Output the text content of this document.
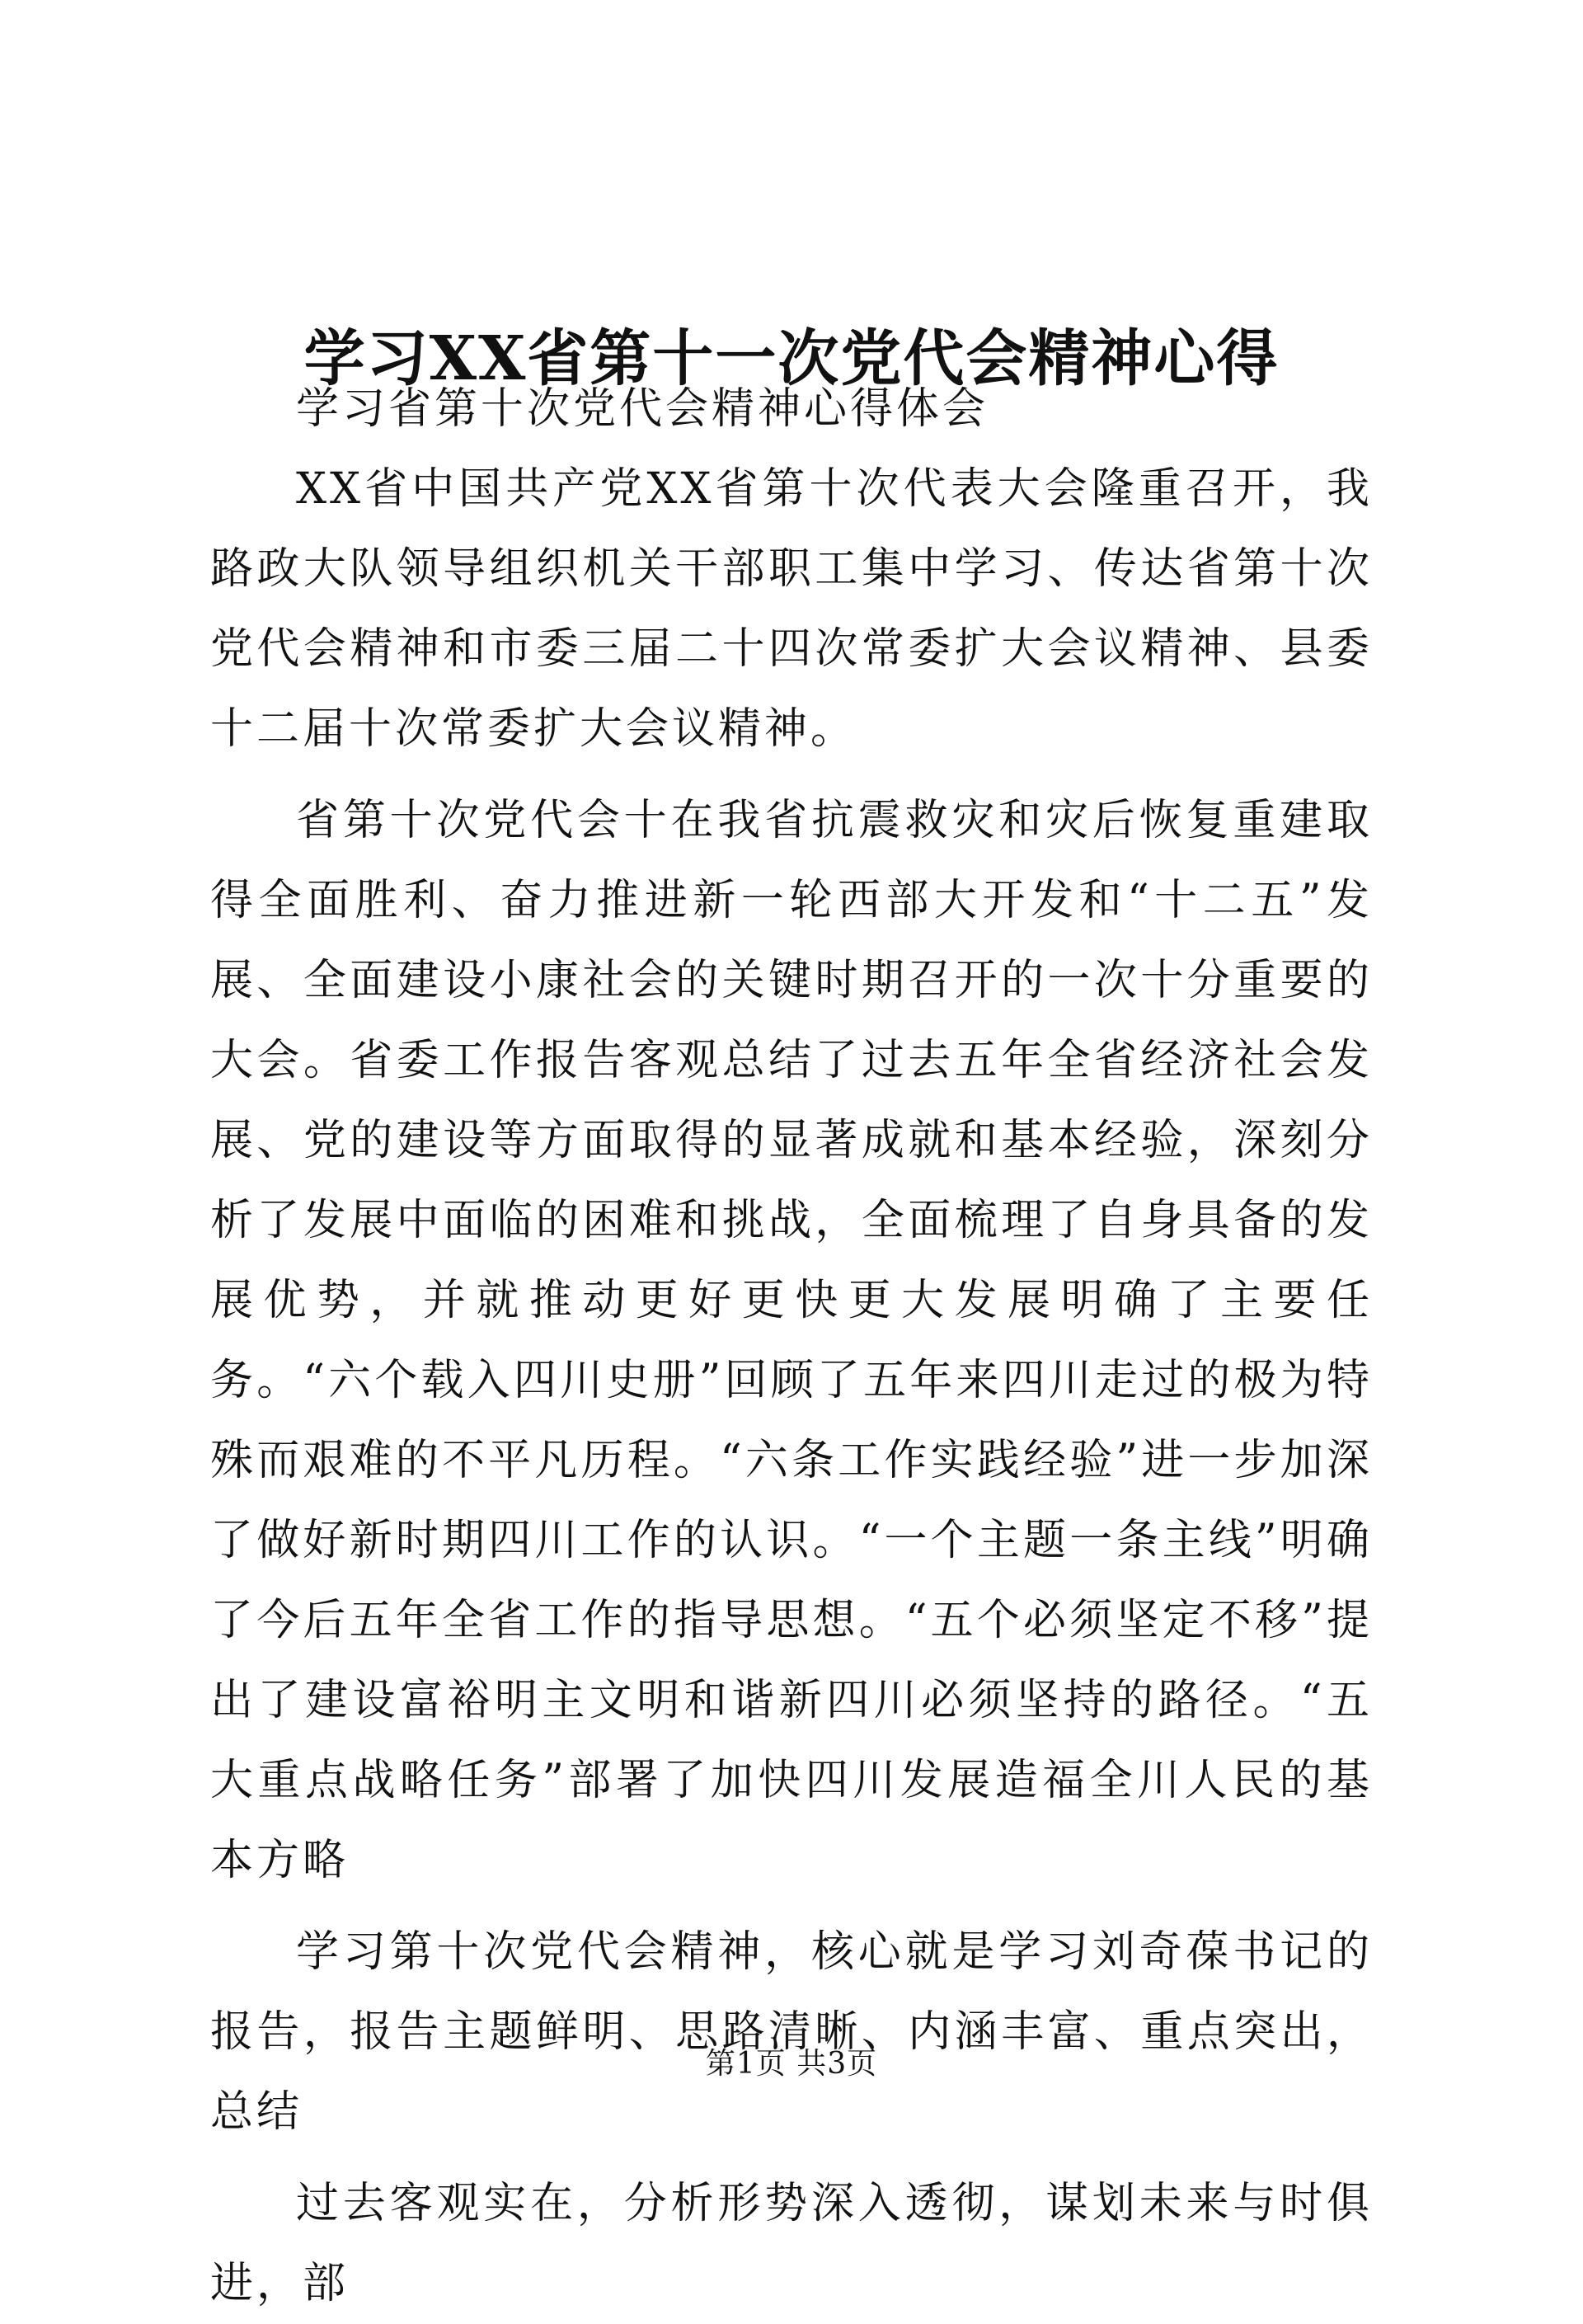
学习XX省第十一次党代会精神心得

学习省第十次党代会精神心得体会

XX省中国共产党XX省第十次代表大会隆重召开，我路政大队领导组织机关干部职工集中学习、传达省第十次党代会精神和市委三届二十四次常委扩大会议精神、县委十二届十次常委扩大会议精神。

省第十次党代会十在我省抗震救灾和灾后恢复重建取得全面胜利、奋力推进新一轮西部大开发和“十二五”发展、全面建设小康社会的关键时期召开的一次十分重要的大会。省委工作报告客观总结了过去五年全省经济社会发展、党的建设等方面取得的显著成就和基本经验，深刻分析了发展中面临的困难和挑战，全面梳理了自身具备的发展优势，并就推动更好更快更大发展明确了主要任务。“六个载入四川史册”回顾了五年来四川走过的极为特殊而艰难的不平凡历程。“六条工作实践经验”进一步加深了做好新时期四川工作的认识。“一个主题一条主线”明确了今后五年全省工作的指导思想。“五个必须坚定不移”提出了建设富裕明主文明和谐新四川必须坚持的路径。“五大重点战略任务”部署了加快四川发展造福全川人民的基本方略

学习第十次党代会精神，核心就是学习刘奇葆书记的报告，报告主题鲜明、思路清晰、内涵丰富、重点突出，总结

过去客观实在，分析形势深入透彻，谋划未来与时俱进，部

第1页 共3页
